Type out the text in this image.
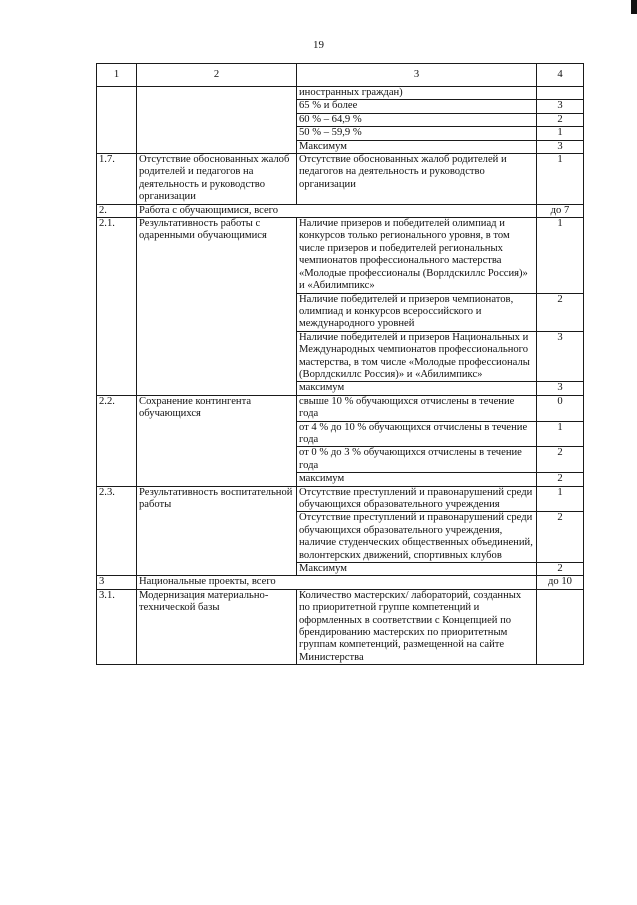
19
1	2	3	4
		иностранных граждан)	
		65 % и более	3
		60 % – 64,9 %	2
		50 % – 59,9 %	1
		Максимум	3
1.7.	Отсутствие обоснованных жалоб родителей и педагогов на деятельность и руководство организации	Отсутствие обоснованных жалоб родителей и педагогов на деятельность и руководство организации	1
2.	Работа с обучающимися, всего		до 7
2.1.	Результативность работы с одаренными обучающимися	Наличие призеров и победителей олимпиад и конкурсов только регионального уровня, в том числе призеров и победителей региональных чемпионатов профессионального мастерства «Молодые профессионалы (Ворлдскиллс Россия)» и «Абилимпикс»	1
		Наличие победителей и призеров чемпионатов, олимпиад и конкурсов всероссийского и международного уровней	2
		Наличие победителей и призеров Национальных и Международных чемпионатов профессионального мастерства, в том числе «Молодые профессионалы (Ворлдскиллс Россия)» и «Абилимпикс»	3
		максимум	3
2.2.	Сохранение контингента обучающихся	свыше 10 % обучающихся отчислены в течение года	0
		от 4 % до 10 % обучающихся отчислены в течение года	1
		от 0 % до 3 % обучающихся отчислены в течение года	2
		максимум	2
2.3.	Результативность воспитательной работы	Отсутствие преступлений и правонарушений среди обучающихся образовательного учреждения	1
		Отсутствие преступлений и правонарушений среди обучающихся образовательного учреждения, наличие студенческих общественных объединений, волонтерских движений, спортивных клубов	2
		Максимум	2
3	Национальные проекты, всего		до 10
3.1.	Модернизация материально-технической базы	Количество мастерских/ лабораторий, созданных по приоритетной группе компетенций и оформленных в соответствии с Концепцией по брендированию мастерских по приоритетным группам компетенций, размещенной на сайте Министерства	
